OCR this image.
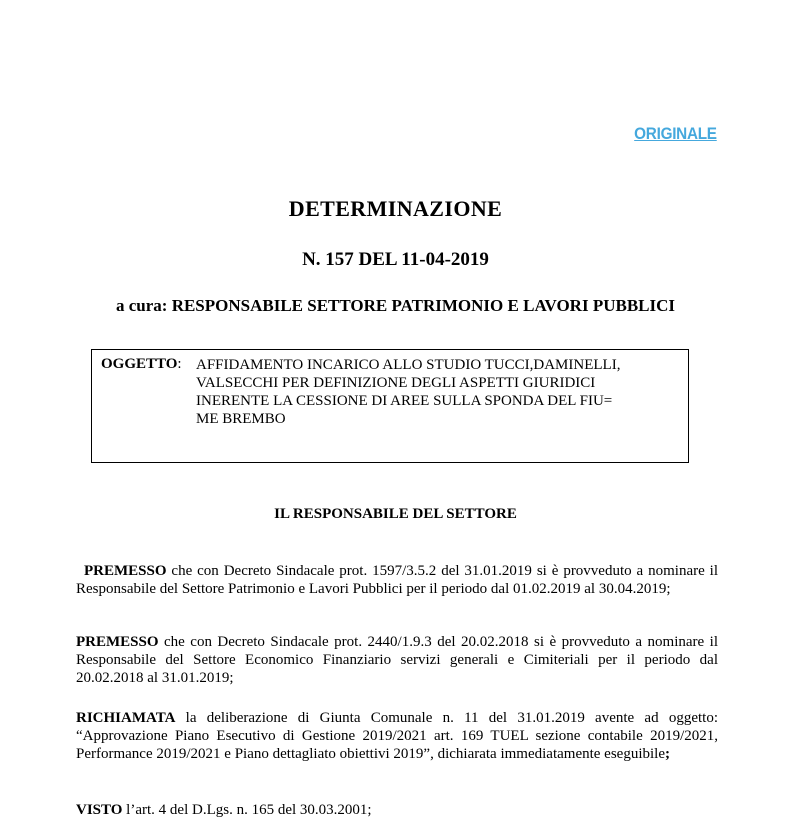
ORIGINALE
DETERMINAZIONE
N. 157 DEL 11-04-2019
a cura: RESPONSABILE SETTORE PATRIMONIO E LAVORI PUBBLICI
OGGETTO: AFFIDAMENTO INCARICO ALLO STUDIO TUCCI,DAMINELLI,
VALSECCHI PER DEFINIZIONE DEGLI ASPETTI GIURIDICI
INERENTE LA CESSIONE DI AREE SULLA SPONDA DEL FIU=
ME BREMBO
IL RESPONSABILE DEL SETTORE
PREMESSO che con Decreto Sindacale prot. 1597/3.5.2 del 31.01.2019 si è provveduto a nominare il Responsabile del Settore Patrimonio e Lavori Pubblici per il periodo dal 01.02.2019 al 30.04.2019;
PREMESSO che con Decreto Sindacale prot. 2440/1.9.3 del 20.02.2018 si è provveduto a nominare il Responsabile del Settore Economico Finanziario servizi generali e Cimiteriali per il periodo dal 20.02.2018 al 31.01.2019;
RICHIAMATA la deliberazione di Giunta Comunale n. 11 del 31.01.2019 avente ad oggetto: “Approvazione Piano Esecutivo di Gestione 2019/2021 art. 169 TUEL sezione contabile 2019/2021, Performance 2019/2021 e Piano dettagliato obiettivi 2019”, dichiarata immediatamente eseguibile;
VISTO l’art. 4 del D.Lgs. n. 165 del 30.03.2001;
